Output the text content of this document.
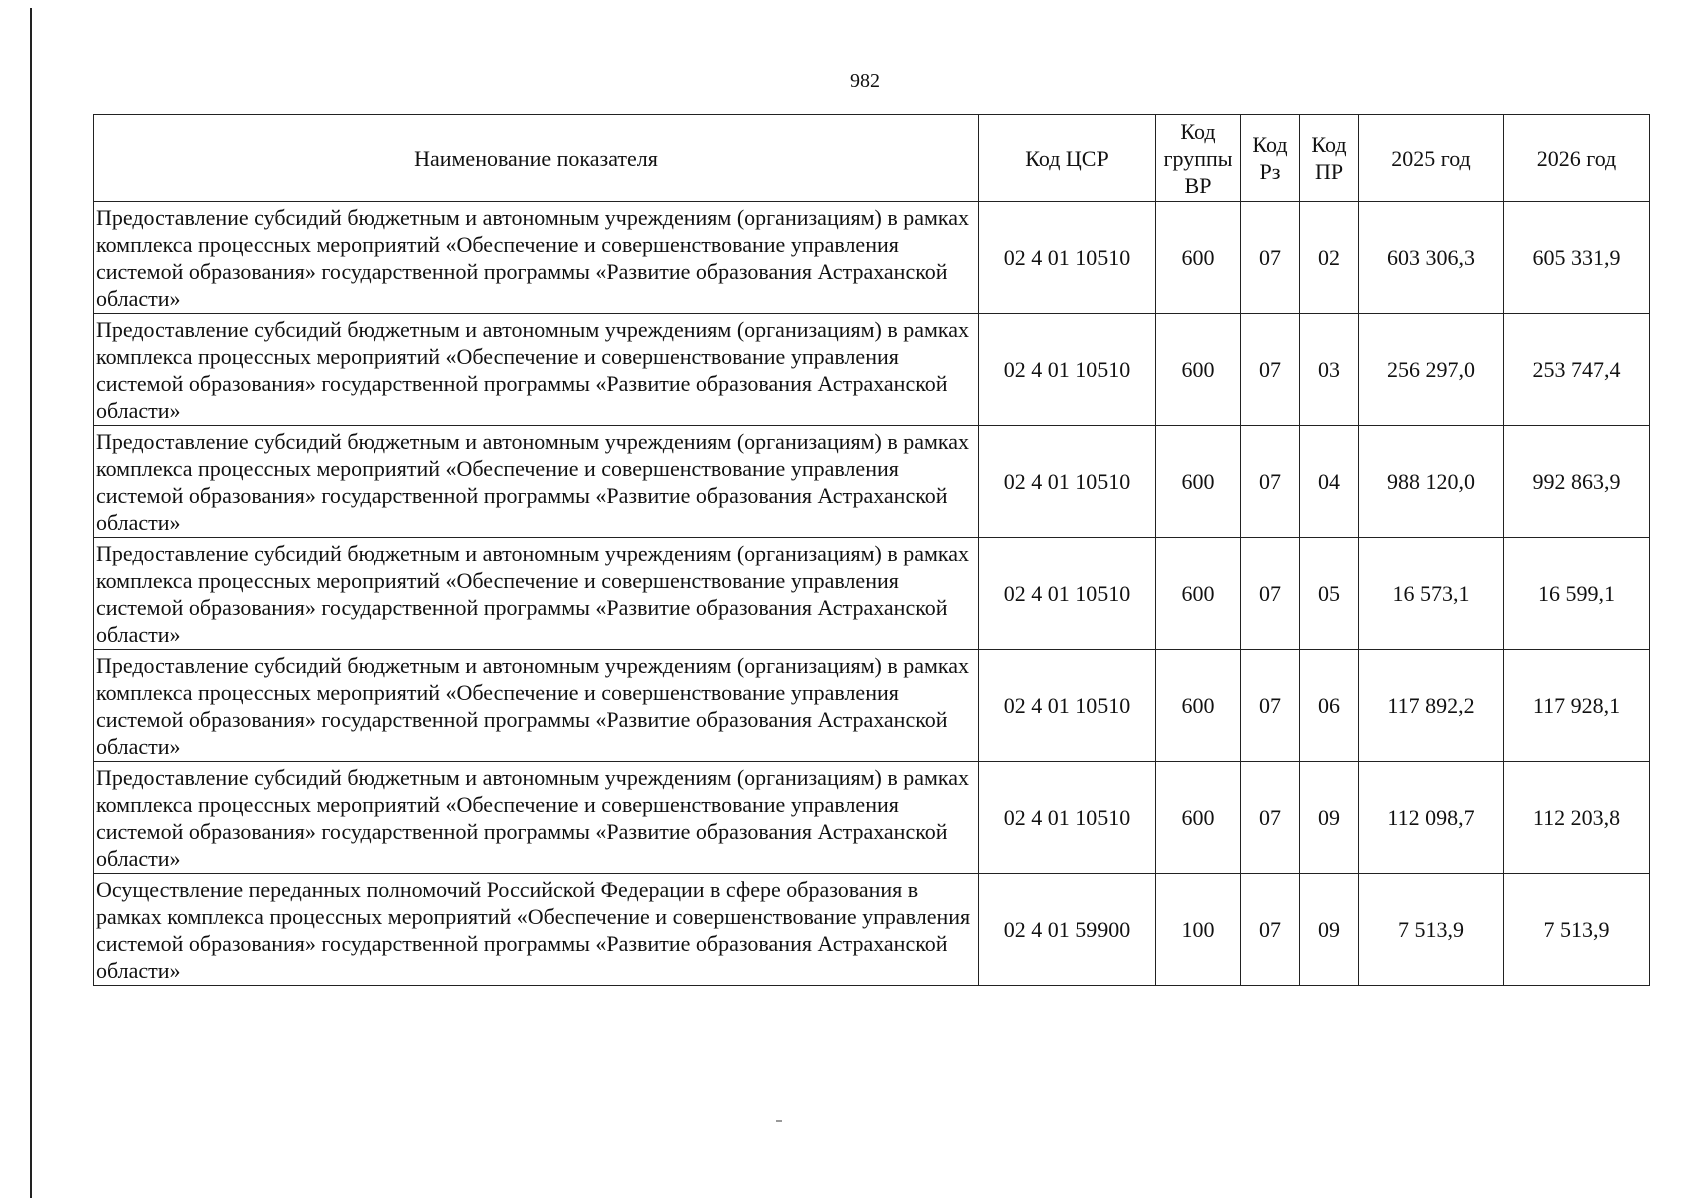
982
Наименование показателя	Код ЦСР	Код группы ВР	Код Рз	Код ПР	2025 год	2026 год
Предоставление субсидий бюджетным и автономным учреждениям (организациям) в рамках комплекса процессных мероприятий «Обеспечение и совершенствование управления системой образования» государственной программы «Развитие образования Астраханской области»	02 4 01 10510	600	07	02	603 306,3	605 331,9
Предоставление субсидий бюджетным и автономным учреждениям (организациям) в рамках комплекса процессных мероприятий «Обеспечение и совершенствование управления системой образования» государственной программы «Развитие образования Астраханской области»	02 4 01 10510	600	07	03	256 297,0	253 747,4
Предоставление субсидий бюджетным и автономным учреждениям (организациям) в рамках комплекса процессных мероприятий «Обеспечение и совершенствование управления системой образования» государственной программы «Развитие образования Астраханской области»	02 4 01 10510	600	07	04	988 120,0	992 863,9
Предоставление субсидий бюджетным и автономным учреждениям (организациям) в рамках комплекса процессных мероприятий «Обеспечение и совершенствование управления системой образования» государственной программы «Развитие образования Астраханской области»	02 4 01 10510	600	07	05	16 573,1	16 599,1
Предоставление субсидий бюджетным и автономным учреждениям (организациям) в рамках комплекса процессных мероприятий «Обеспечение и совершенствование управления системой образования» государственной программы «Развитие образования Астраханской области»	02 4 01 10510	600	07	06	117 892,2	117 928,1
Предоставление субсидий бюджетным и автономным учреждениям (организациям) в рамках комплекса процессных мероприятий «Обеспечение и совершенствование управления системой образования» государственной программы «Развитие образования Астраханской области»	02 4 01 10510	600	07	09	112 098,7	112 203,8
Осуществление переданных полномочий Российской Федерации в сфере образования в рамках комплекса процессных мероприятий «Обеспечение и совершенствование управления системой образования» государственной программы «Развитие образования Астраханской области»	02 4 01 59900	100	07	09	7 513,9	7 513,9
